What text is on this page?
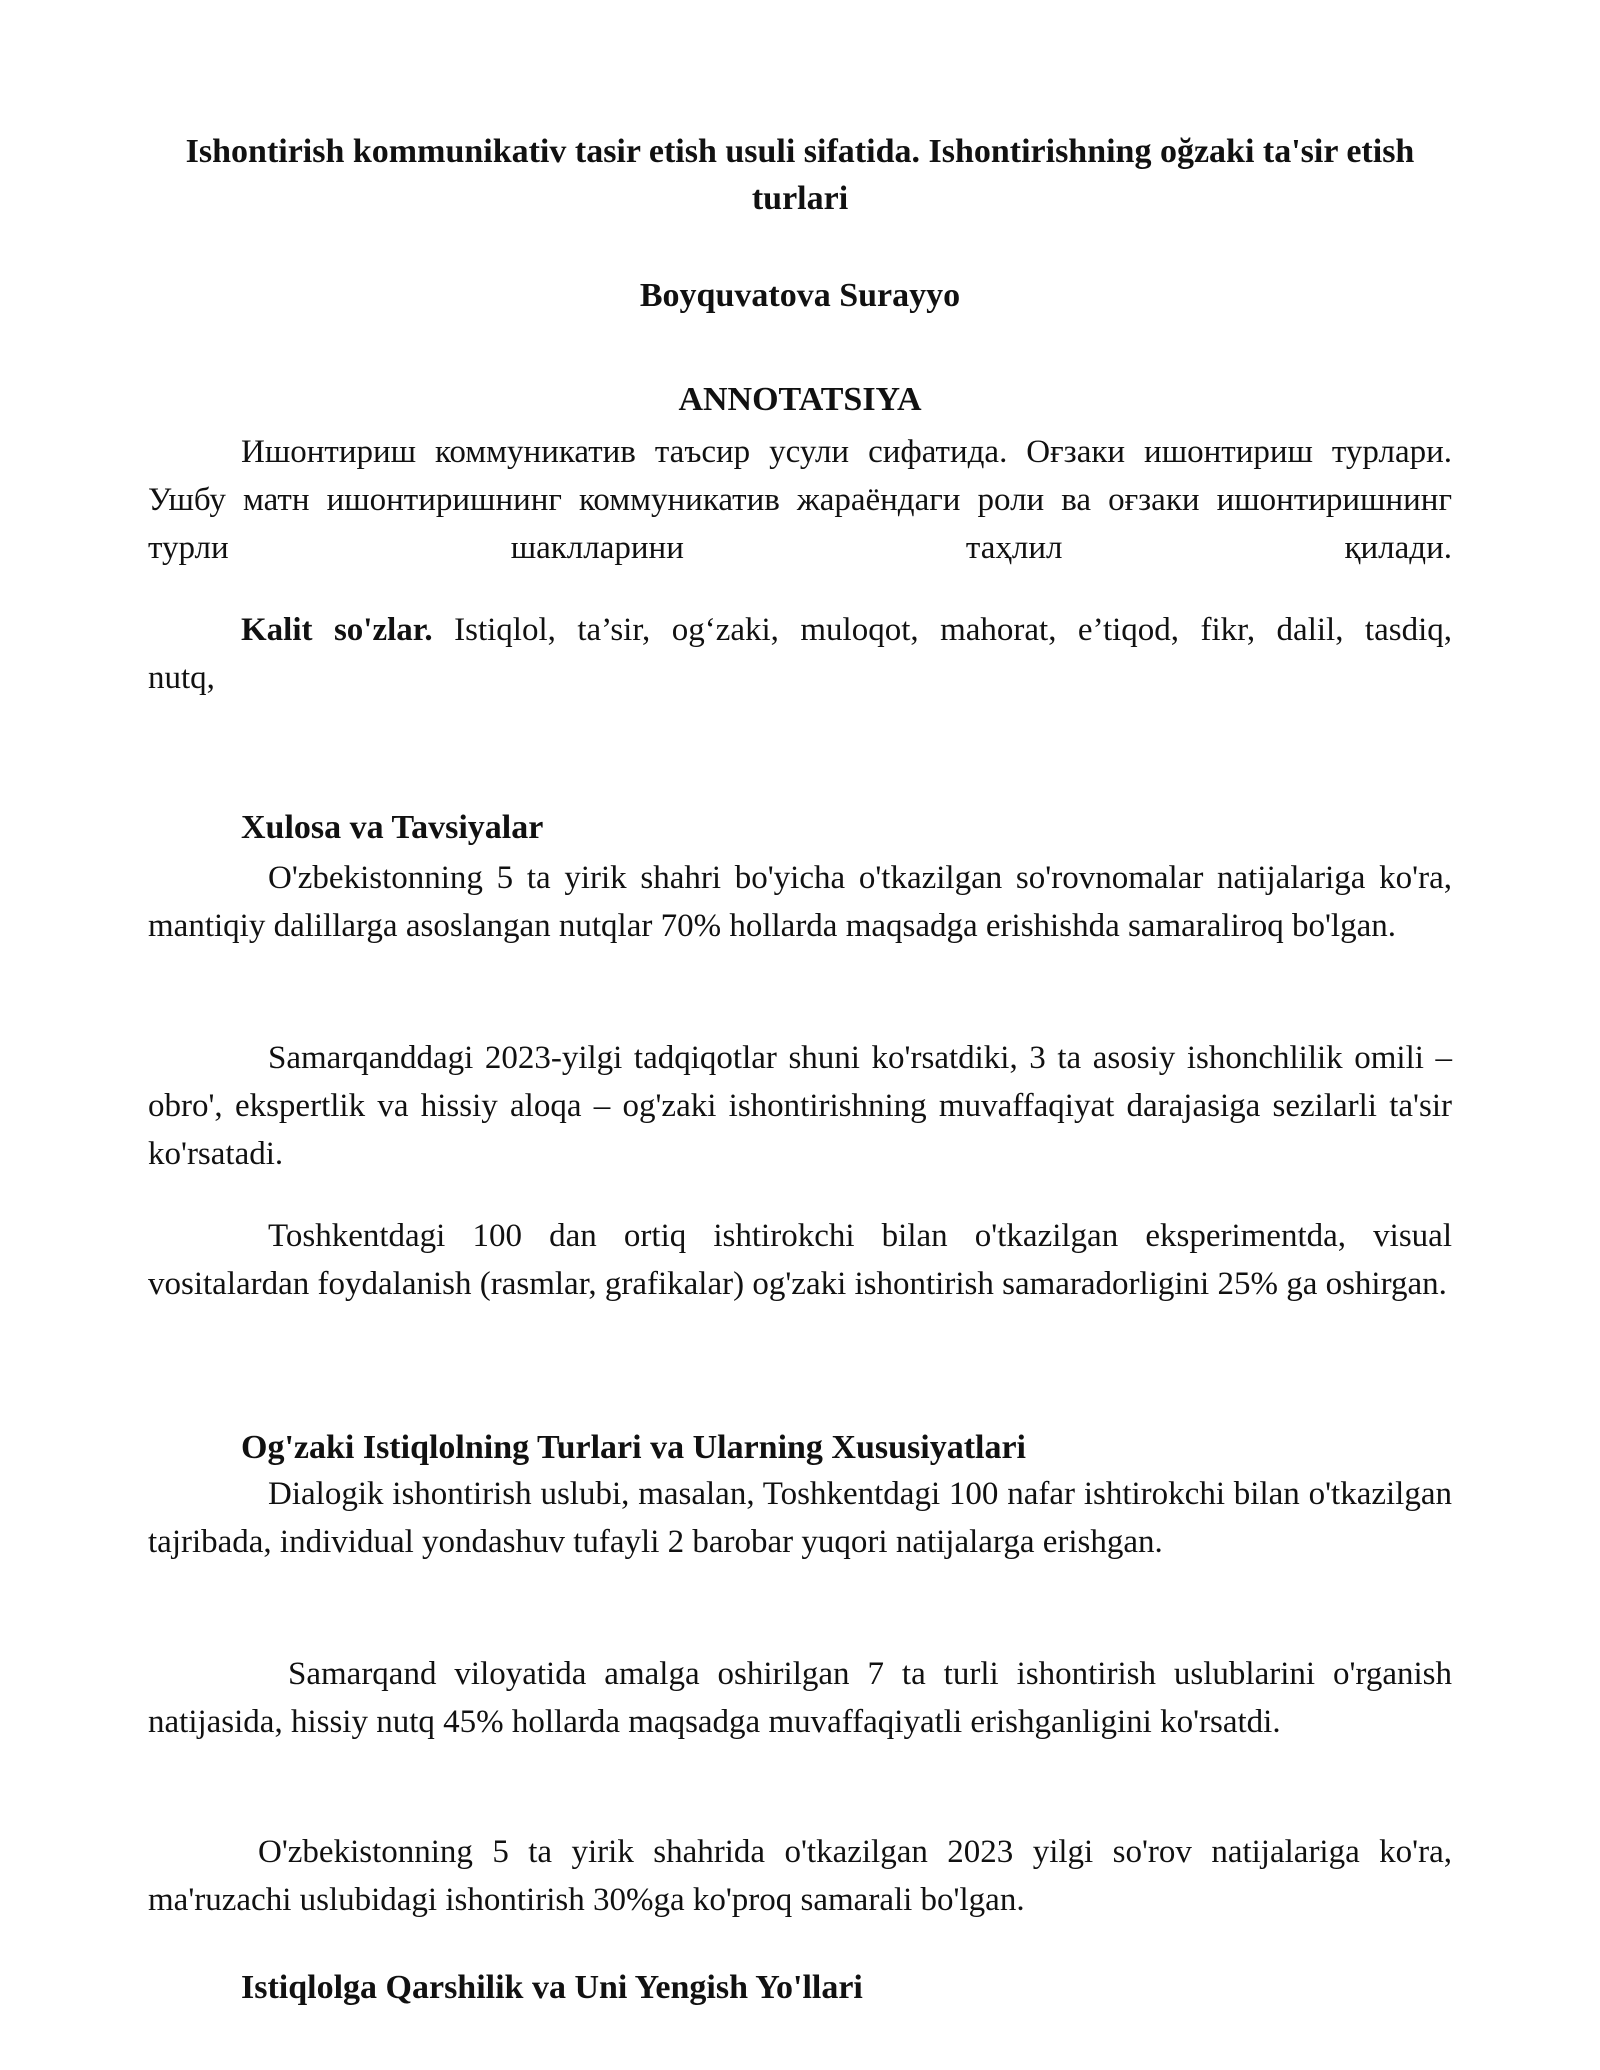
Ishontirish kommunikativ tasir etish usuli sifatida. Ishontirishning oğzaki ta'sir etish turlari

Boyquvatova Surayyo

ANNOTATSIYA

Ишонтириш коммуникатив таъсир усули сифатида. Оғзаки ишонтириш турлари. Ушбу матн ишонтиришнинг коммуникатив жараёндаги роли ва оғзаки ишонтиришнинг турли шаклларини таҳлил қилади.

Kalit so'zlar. Istiqlol, ta’sir, og‘zaki, muloqot, mahorat, e’tiqod, fikr, dalil, tasdiq, nutq,

Xulosa va Tavsiyalar

O'zbekistonning 5 ta yirik shahri bo'yicha o'tkazilgan so'rovnomalar natijalariga ko'ra, mantiqiy dalillarga asoslangan nutqlar 70% hollarda maqsadga erishishda samaraliroq bo'lgan.

Samarqanddagi 2023-yilgi tadqiqotlar shuni ko'rsatdiki, 3 ta asosiy ishonchlilik omili – obro', ekspertlik va hissiy aloqa – og'zaki ishontirishning muvaffaqiyat darajasiga sezilarli ta'sir ko'rsatadi.

Toshkentdagi 100 dan ortiq ishtirokchi bilan o'tkazilgan eksperimentda, visual vositalardan foydalanish (rasmlar, grafikalar) og'zaki ishontirish samaradorligini 25% ga oshirgan.

Og'zaki Istiqlolning Turlari va Ularning Xususiyatlari

Dialogik ishontirish uslubi, masalan, Toshkentdagi 100 nafar ishtirokchi bilan o'tkazilgan tajribada, individual yondashuv tufayli 2 barobar yuqori natijalarga erishgan.

Samarqand viloyatida amalga oshirilgan 7 ta turli ishontirish uslublarini o'rganish natijasida, hissiy nutq 45% hollarda maqsadga muvaffaqiyatli erishganligini ko'rsatdi.

O'zbekistonning 5 ta yirik shahrida o'tkazilgan 2023 yilgi so'rov natijalariga ko'ra, ma'ruzachi uslubidagi ishontirish 30%ga ko'proq samarali bo'lgan.

Istiqlolga Qarshilik va Uni Yengish Yo'llari
